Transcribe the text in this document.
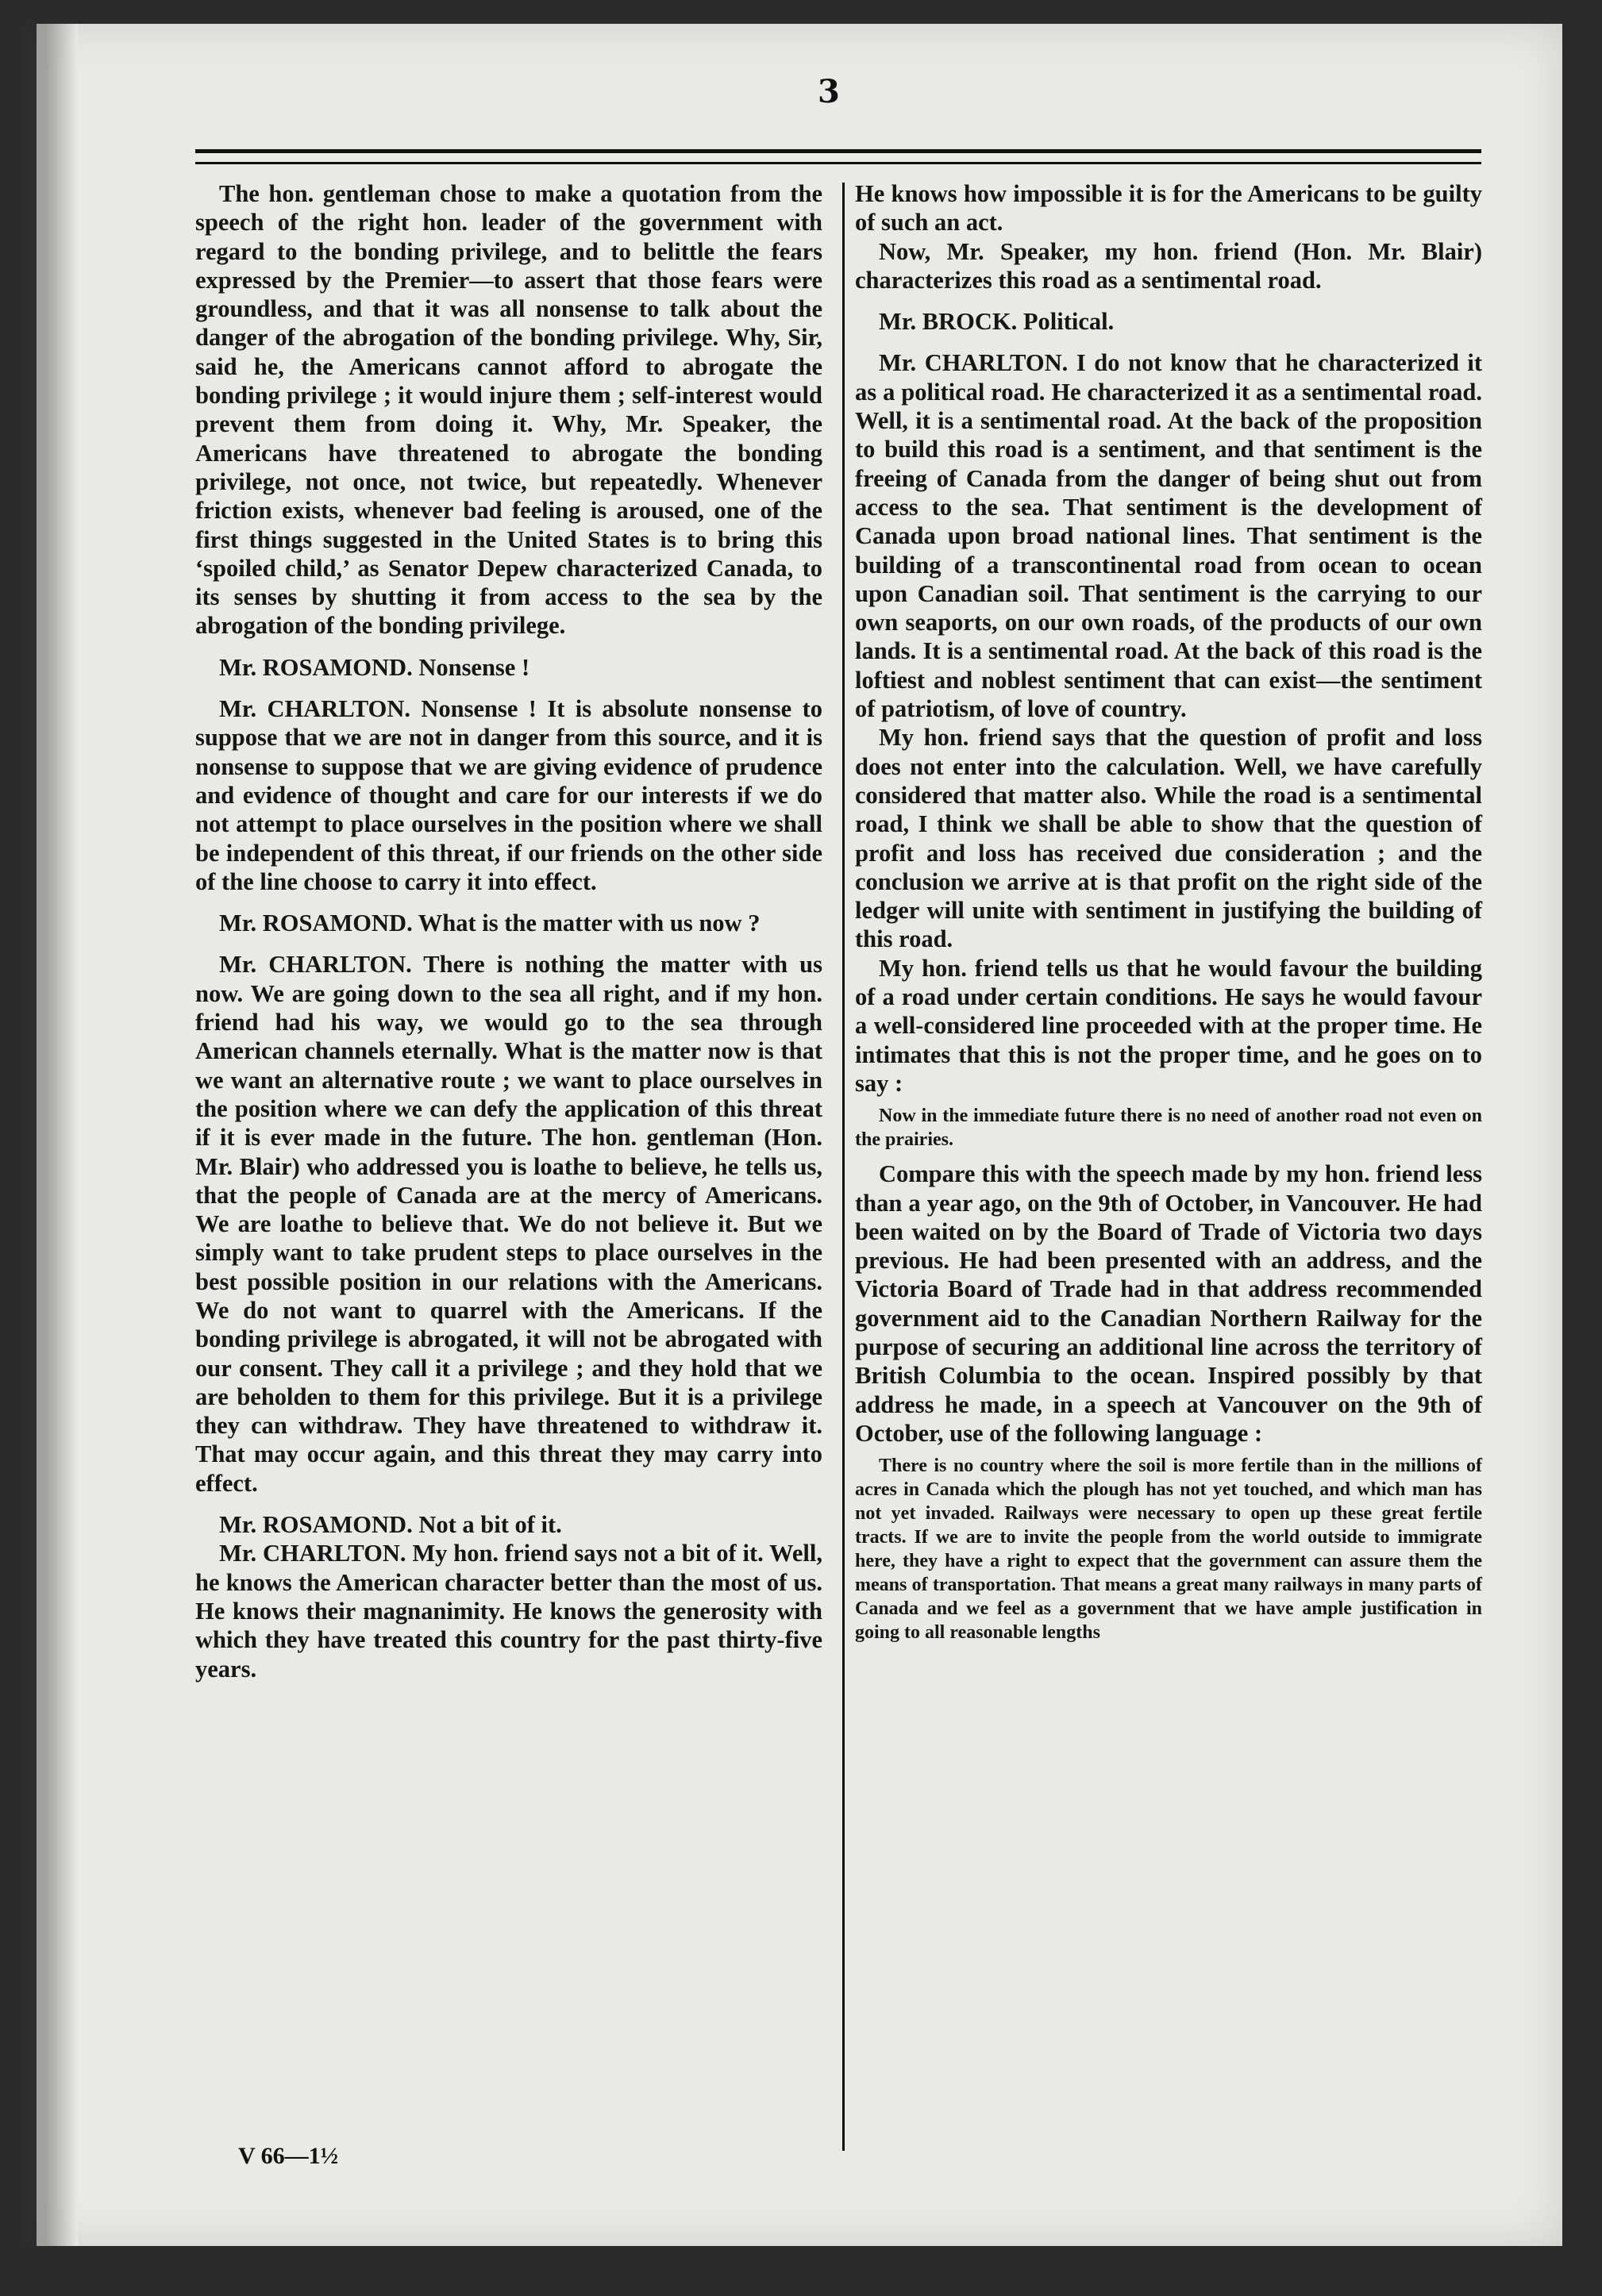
3

The hon. gentleman chose to make a quotation from the speech of the right hon. leader of the government with regard to the bonding privilege, and to belittle the fears expressed by the Premier—to assert that those fears were groundless, and that it was all nonsense to talk about the danger of the abrogation of the bonding privilege. Why, Sir, said he, the Americans cannot afford to abrogate the bonding privilege ; it would injure them ; self-interest would prevent them from doing it. Why, Mr. Speaker, the Americans have threatened to abrogate the bonding privilege, not once, not twice, but repeatedly. Whenever friction exists, whenever bad feeling is aroused, one of the first things suggested in the United States is to bring this ‘spoiled child,’ as Senator Depew characterized Canada, to its senses by shutting it from access to the sea by the abrogation of the bonding privilege.

Mr. ROSAMOND. Nonsense !

Mr. CHARLTON. Nonsense ! It is absolute nonsense to suppose that we are not in danger from this source, and it is nonsense to suppose that we are giving evidence of prudence and evidence of thought and care for our interests if we do not attempt to place ourselves in the position where we shall be independent of this threat, if our friends on the other side of the line choose to carry it into effect.

Mr. ROSAMOND. What is the matter with us now ?

Mr. CHARLTON. There is nothing the matter with us now. We are going down to the sea all right, and if my hon. friend had his way, we would go to the sea through American channels eternally. What is the matter now is that we want an alternative route ; we want to place ourselves in the position where we can defy the application of this threat if it is ever made in the future. The hon. gentleman (Hon. Mr. Blair) who addressed you is loathe to believe, he tells us, that the people of Canada are at the mercy of Americans. We are loathe to believe that. We do not believe it. But we simply want to take prudent steps to place ourselves in the best possible position in our relations with the Americans. We do not want to quarrel with the Americans. If the bonding privilege is abrogated, it will not be abrogated with our consent. They call it a privilege ; and they hold that we are beholden to them for this privilege. But it is a privilege they can withdraw. They have threatened to withdraw it. That may occur again, and this threat they may carry into effect.

Mr. ROSAMOND. Not a bit of it.

Mr. CHARLTON. My hon. friend says not a bit of it. Well, he knows the American character better than the most of us. He knows their magnanimity. He knows the generosity with which they have treated this country for the past thirty-five years.

He knows how impossible it is for the Americans to be guilty of such an act.

Now, Mr. Speaker, my hon. friend (Hon. Mr. Blair) characterizes this road as a sentimental road.

Mr. BROCK. Political.

Mr. CHARLTON. I do not know that he characterized it as a political road. He characterized it as a sentimental road. Well, it is a sentimental road. At the back of the proposition to build this road is a sentiment, and that sentiment is the freeing of Canada from the danger of being shut out from access to the sea. That sentiment is the development of Canada upon broad national lines. That sentiment is the building of a transcontinental road from ocean to ocean upon Canadian soil. That sentiment is the carrying to our own seaports, on our own roads, of the products of our own lands. It is a sentimental road. At the back of this road is the loftiest and noblest sentiment that can exist—the sentiment of patriotism, of love of country.

My hon. friend says that the question of profit and loss does not enter into the calculation. Well, we have carefully considered that matter also. While the road is a sentimental road, I think we shall be able to show that the question of profit and loss has received due consideration ; and the conclusion we arrive at is that profit on the right side of the ledger will unite with sentiment in justifying the building of this road.

My hon. friend tells us that he would favour the building of a road under certain conditions. He says he would favour a well-considered line proceeded with at the proper time. He intimates that this is not the proper time, and he goes on to say :

Now in the immediate future there is no need of another road not even on the prairies.

Compare this with the speech made by my hon. friend less than a year ago, on the 9th of October, in Vancouver. He had been waited on by the Board of Trade of Victoria two days previous. He had been presented with an address, and the Victoria Board of Trade had in that address recommended government aid to the Canadian Northern Railway for the purpose of securing an additional line across the territory of British Columbia to the ocean. Inspired possibly by that address he made, in a speech at Vancouver on the 9th of October, use of the following language :

There is no country where the soil is more fertile than in the millions of acres in Canada which the plough has not yet touched, and which man has not yet invaded. Railways were necessary to open up these great fertile tracts. If we are to invite the people from the world outside to immigrate here, they have a right to expect that the government can assure them the means of transportation. That means a great many railways in many parts of Canada and we feel as a government that we have ample justification in going to all reasonable lengths

V 66—1½
